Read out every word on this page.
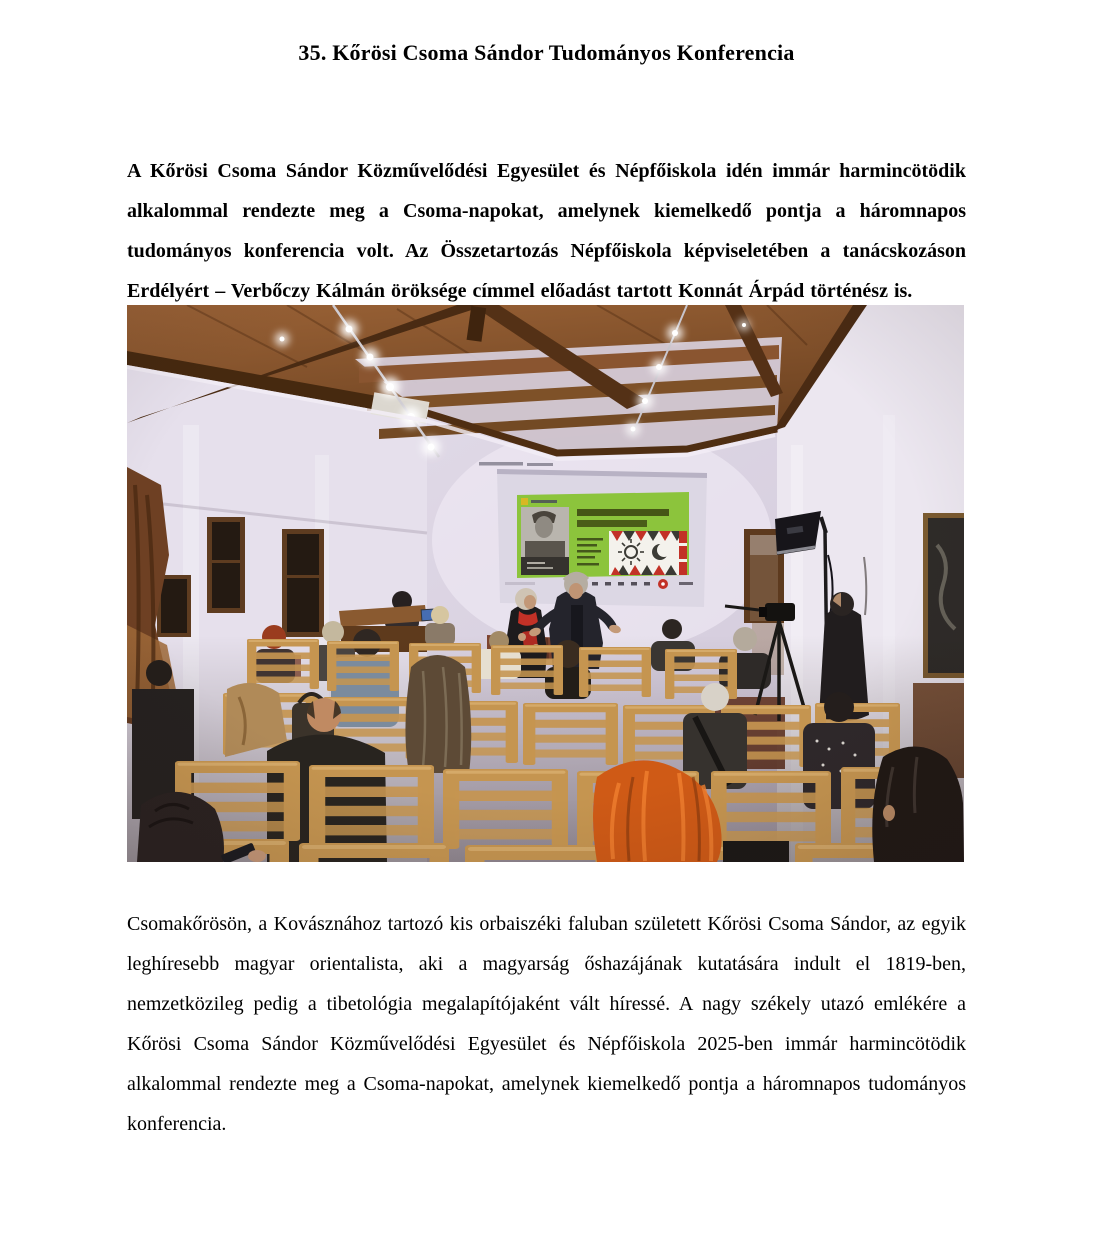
35. Kőrösi Csoma Sándor Tudományos Konferencia

A Kőrösi Csoma Sándor Közművelődési Egyesület és Népfőiskola idén immár harmincötödik alkalommal rendezte meg a Csoma-napokat, amelynek kiemelkedő pontja a háromnapos tudományos konferencia volt. Az Összetartozás Népfőiskola képviseletében a tanácskozáson Erdélyért – Verbőczy Kálmán öröksége címmel előadást tartott Konnát Árpád történész is.

Csomakőrösön, a Kovásznához tartozó kis orbaiszéki faluban született Kőrösi Csoma Sándor, az egyik leghíresebb magyar orientalista, aki a magyarság őshazájának kutatására indult el 1819-ben, nemzetközileg pedig a tibetológia megalapítójaként vált híressé. A nagy székely utazó emlékére a Kőrösi Csoma Sándor Közművelődési Egyesület és Népfőiskola 2025-ben immár harmincötödik alkalommal rendezte meg a Csoma-napokat, amelynek kiemelkedő pontja a háromnapos tudományos konferencia.
